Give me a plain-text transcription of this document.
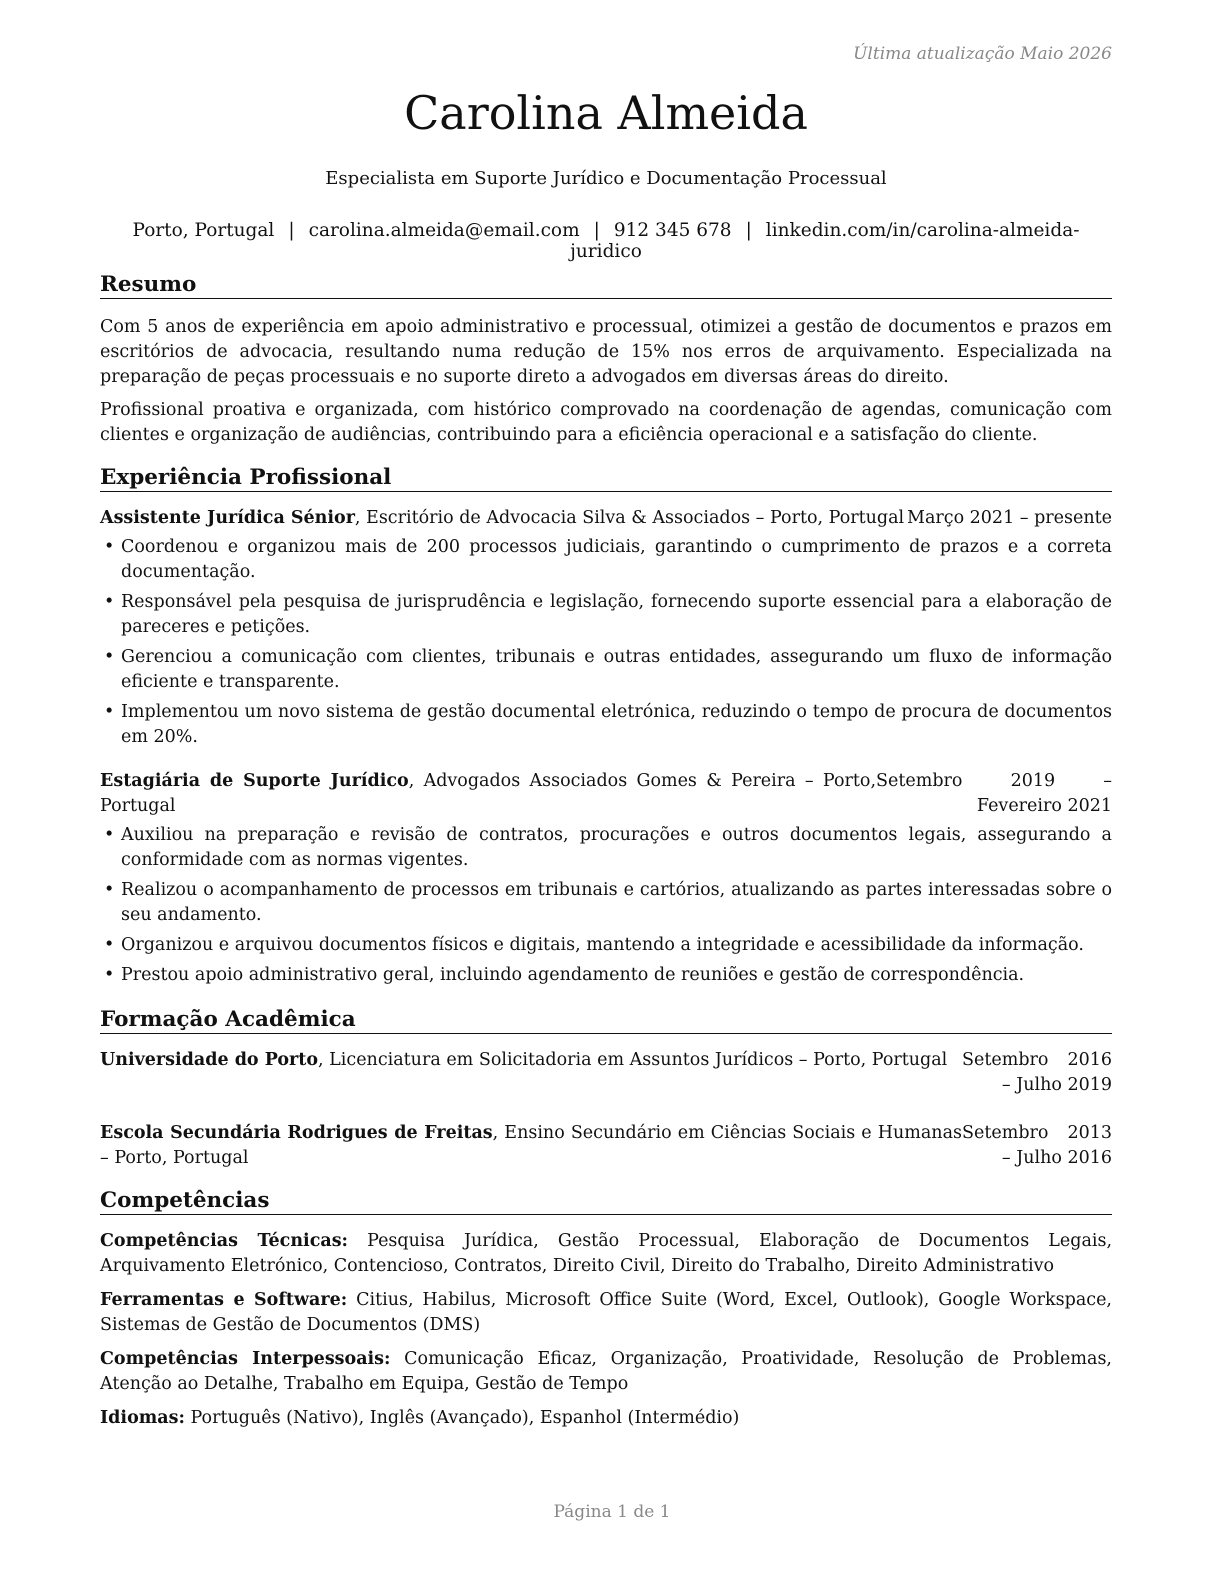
Última atualização Maio 2026
Carolina Almeida
Especialista em Suporte Jurídico e Documentação Processual
Porto, Portugal | carolina.almeida@email.com | 912 345 678 | linkedin.com/in/carolina-almeida-juridico
Resumo

Com 5 anos de experiência em apoio administrativo e processual, otimizei a gestão de documentos e prazos em escritórios de advocacia, resultando numa redução de 15% nos erros de arquivamento. Especializada na preparação de peças processuais e no suporte direto a advogados em diversas áreas do direito.

Profissional proativa e organizada, com histórico comprovado na coordenação de agendas, comunicação com clientes e organização de audiências, contribuindo para a eficiência operacional e a satisfação do cliente.

Experiência Profissional
Assistente Jurídica Sénior, Escritório de Advocacia Silva & Associados – Porto, Portugal Março 2021 – presente
• Coordenou e organizou mais de 200 processos judiciais, garantindo o cumprimento de prazos e a correta documentação.
• Responsável pela pesquisa de jurisprudência e legislação, fornecendo suporte essencial para a elaboração de pareceres e petições.
• Gerenciou a comunicação com clientes, tribunais e outras entidades, assegurando um fluxo de informação eficiente e transparente.
• Implementou um novo sistema de gestão documental eletrónica, reduzindo o tempo de procura de documentos em 20%.
Estagiária de Suporte Jurídico, Advogados Associados Gomes & Pereira – Porto, Portugal
Setembro 2019 – Fevereiro 2021
• Auxiliou na preparação e revisão de contratos, procurações e outros documentos legais, assegurando a conformidade com as normas vigentes.
• Realizou o acompanhamento de processos em tribunais e cartórios, atualizando as partes interessadas sobre o seu andamento.
• Organizou e arquivou documentos físicos e digitais, mantendo a integridade e acessibilidade da informação.
• Prestou apoio administrativo geral, incluindo agendamento de reuniões e gestão de correspondência.
Formação Acadêmica
Universidade do Porto, Licenciatura em Solicitadoria em Assuntos Jurídicos – Porto, Portugal Setembro 2016 – Julho 2019
Escola Secundária Rodrigues de Freitas, Ensino Secundário em Ciências Sociais e Humanas – Porto, Portugal
Setembro 2013 – Julho 2016
Competências

Competências Técnicas: Pesquisa Jurídica, Gestão Processual, Elaboração de Documentos Legais, Arquivamento Eletrónico, Contencioso, Contratos, Direito Civil, Direito do Trabalho, Direito Administrativo

Ferramentas e Software: Citius, Habilus, Microsoft Office Suite (Word, Excel, Outlook), Google Workspace, Sistemas de Gestão de Documentos (DMS)

Competências Interpessoais: Comunicação Eficaz, Organização, Proatividade, Resolução de Problemas, Atenção ao Detalhe, Trabalho em Equipa, Gestão de Tempo

Idiomas: Português (Nativo), Inglês (Avançado), Espanhol (Intermédio)

Página 1 de 1
